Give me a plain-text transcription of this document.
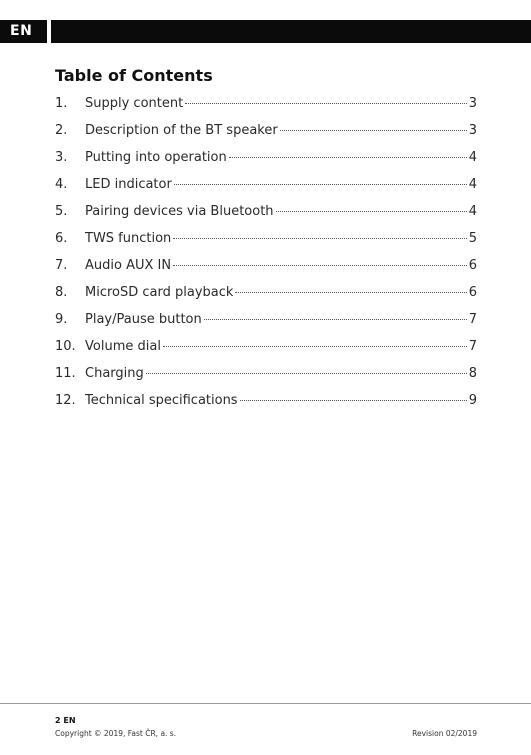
EN
Table of Contents
1.	Supply content	3
2.	Description of the BT speaker	3
3.	Putting into operation	4
4.	LED indicator	4
5.	Pairing devices via Bluetooth	4
6.	TWS function	5
7.	Audio AUX IN	6
8.	MicroSD card playback	6
9.	Play/Pause button	7
10. Volume dial	7
11. Charging	8
12. Technical specifications	9
2 EN
Copyright © 2019, Fast ČR, a. s.	Revision 02/2019
